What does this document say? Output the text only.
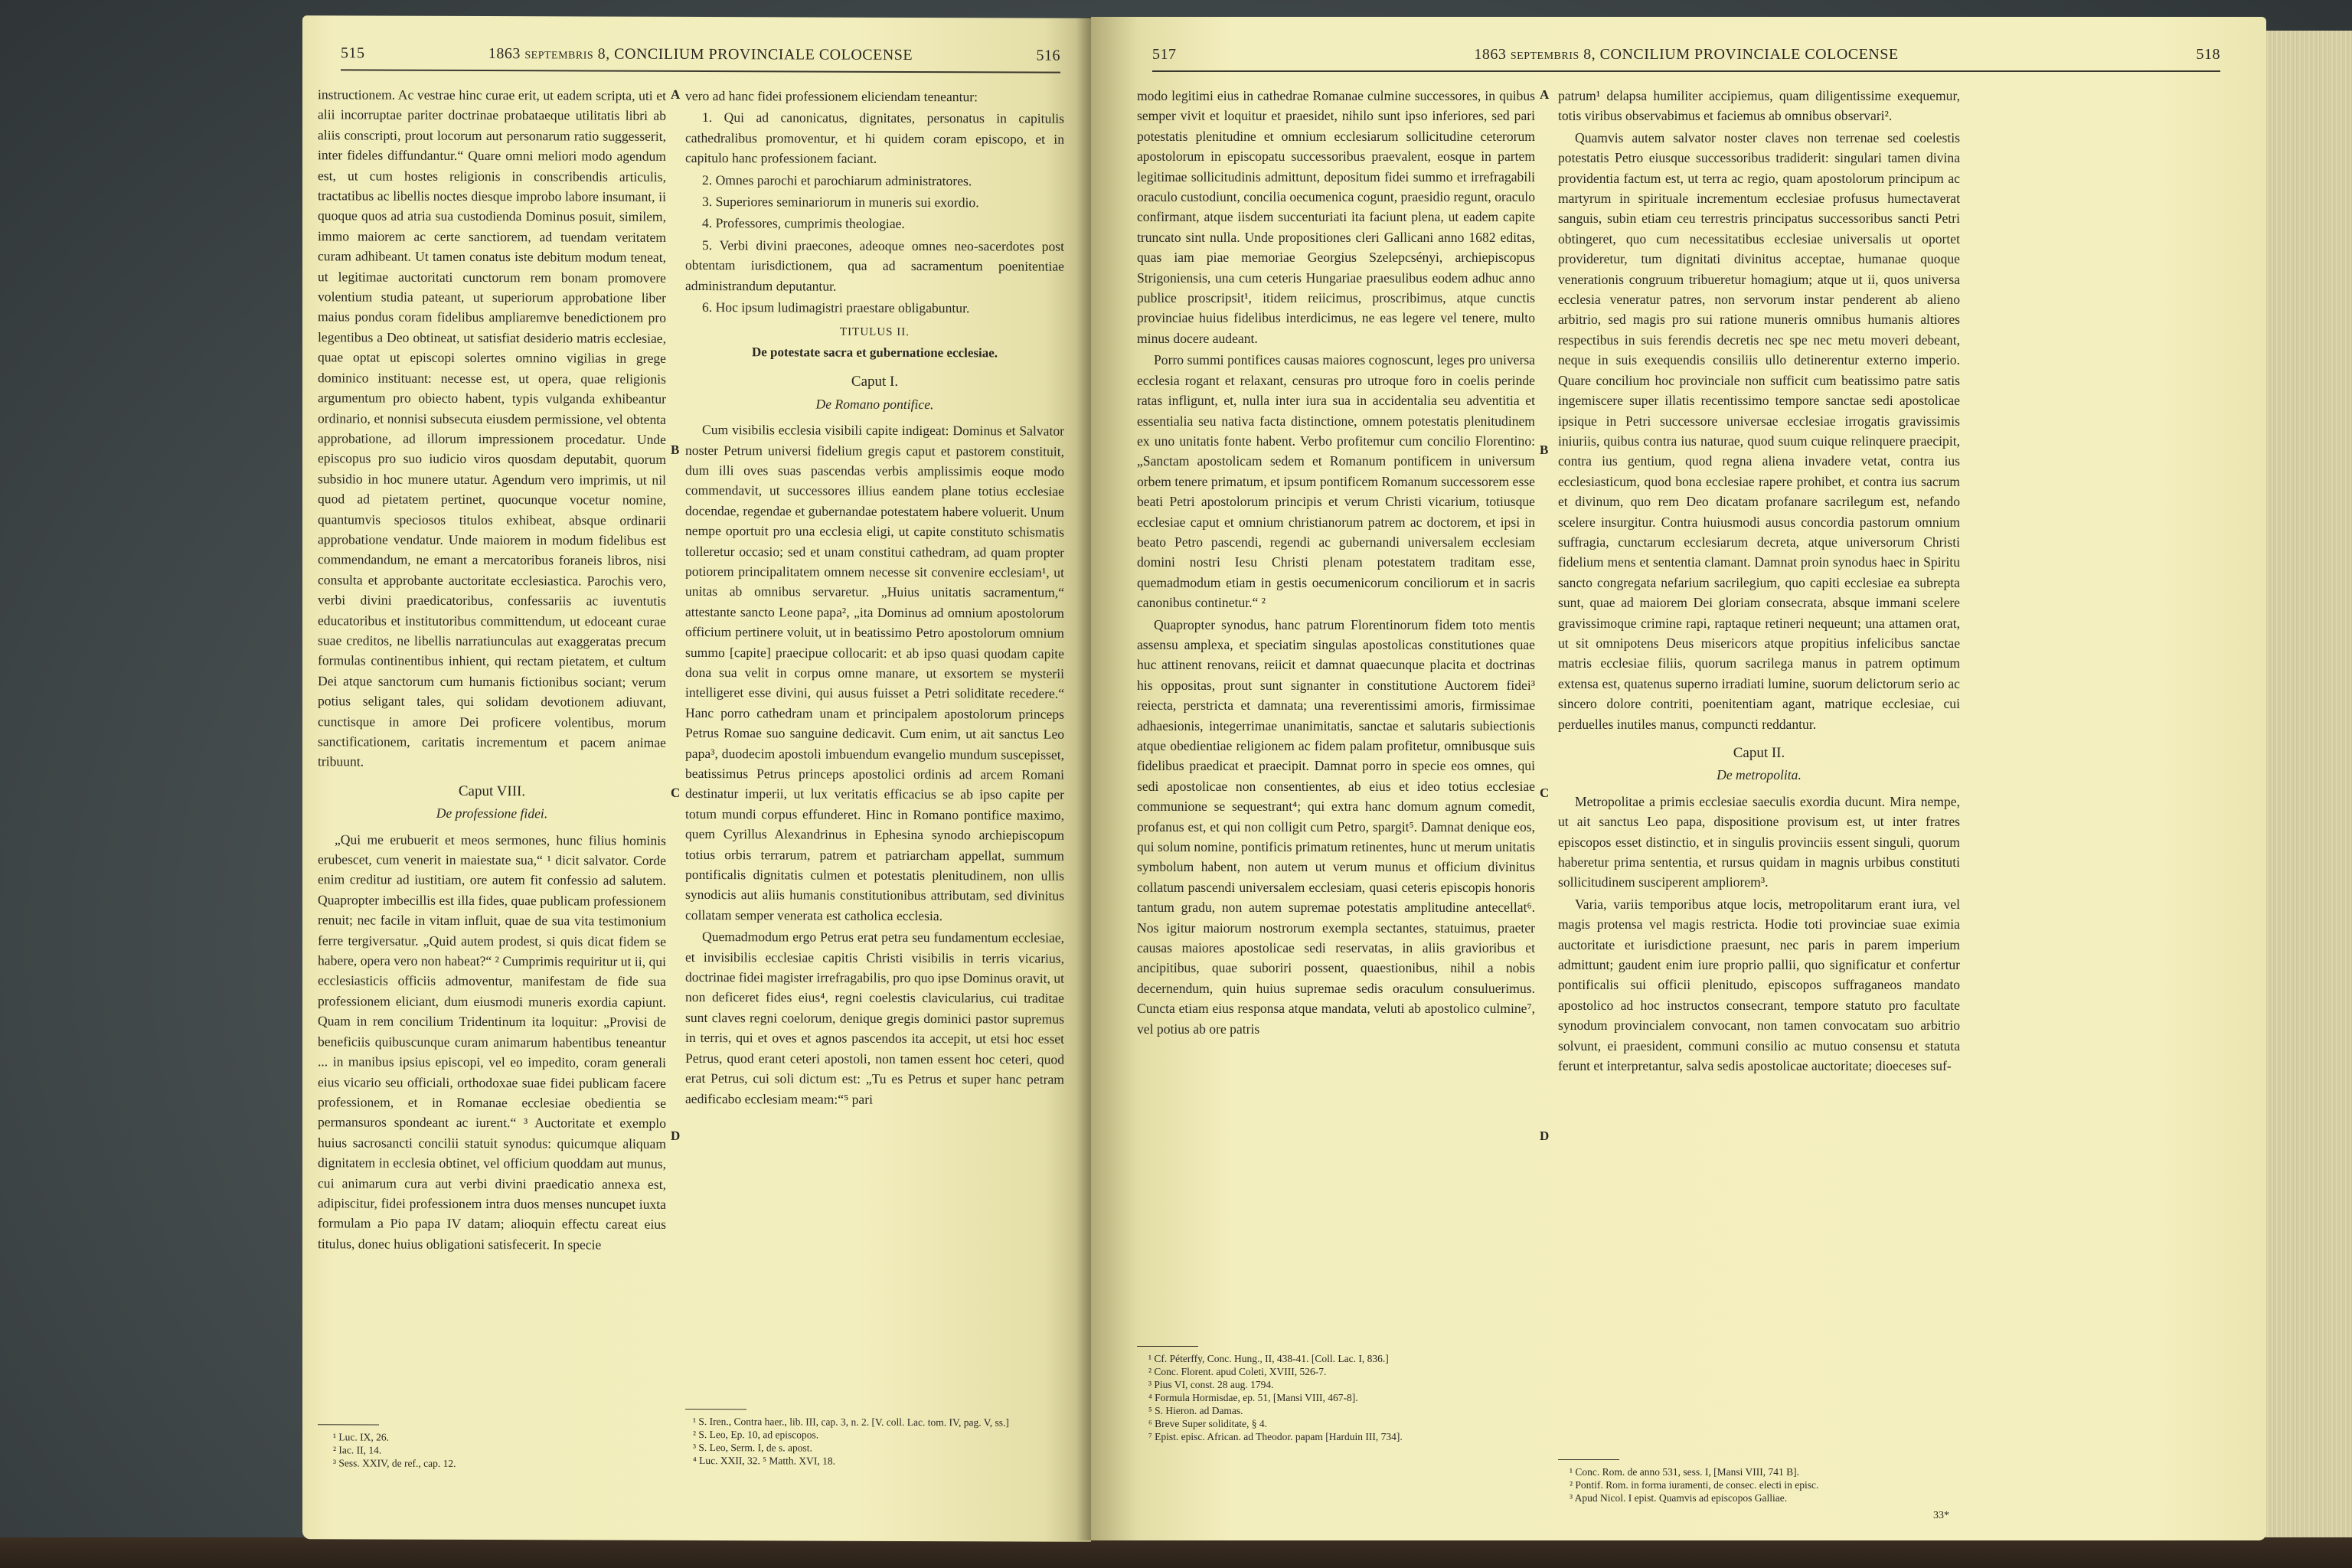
515	1863 septembris 8, CONCILIUM PROVINCIALE COLOCENSE	516

instructionem. Ac vestrae hinc curae erit, ut eadem scripta, uti et alii incorruptae pariter doctrinae probataeque utilitatis libri ab aliis conscripti, prout locorum aut personarum ratio suggesserit, inter fideles diffundantur.“ Quare omni meliori modo agendum est, ut cum hostes religionis in conscribendis articulis, tractatibus ac libellis noctes diesque improbo labore insumant, ii quoque quos ad atria sua custodienda Dominus posuit, similem, immo maiorem ac certe sanctiorem, ad tuendam veritatem curam adhibeant. Ut tamen conatus iste debitum modum teneat, ut legitimae auctoritati cunctorum rem bonam promovere volentium studia pateant, ut superiorum approbatione liber maius pondus coram fidelibus ampliaremve benedictionem pro legentibus a Deo obtineat, ut satisfiat desiderio matris ecclesiae, quae optat ut episcopi solertes omnino vigilias in grege dominico instituant: necesse est, ut opera, quae religionis argumentum pro obiecto habent, typis vulganda exhibeantur ordinario, et nonnisi subsecuta eiusdem permissione, vel obtenta approbatione, ad illorum impressionem procedatur. Unde episcopus pro suo iudicio viros quosdam deputabit, quorum subsidio in hoc munere utatur. Agendum vero imprimis, ut nil quod ad pietatem pertinet, quocunque vocetur nomine, quantumvis speciosos titulos exhibeat, absque ordinarii approbatione vendatur. Unde maiorem in modum fidelibus est commendandum, ne emant a mercatoribus foraneis libros, nisi consulta et approbante auctoritate ecclesiastica. Parochis vero, verbi divini praedicatoribus, confessariis ac iuventutis educatoribus et institutoribus committendum, ut edoceant curae suae creditos, ne libellis narratiunculas aut exaggeratas precum formulas continentibus inhient, qui rectam pietatem, et cultum Dei atque sanctorum cum humanis fictionibus sociant; verum potius seligant tales, qui solidam devotionem adiuvant, cunctisque in amore Dei proficere volentibus, morum sanctificationem, caritatis incrementum et pacem animae tribuunt.

Caput VIII.

De professione fidei.

„Qui me erubuerit et meos sermones, hunc filius hominis erubescet, cum venerit in maiestate sua,“ ¹ dicit salvator. Corde enim creditur ad iustitiam, ore autem fit confessio ad salutem. Quapropter imbecillis est illa fides, quae publicam professionem renuit; nec facile in vitam influit, quae de sua vita testimonium ferre tergiversatur. „Quid autem prodest, si quis dicat fidem se habere, opera vero non habeat?“ ² Cumprimis requiritur ut ii, qui ecclesiasticis officiis admoventur, manifestam de fide sua professionem eliciant, dum eiusmodi muneris exordia capiunt. Quam in rem concilium Tridentinum ita loquitur: „Provisi de beneficiis quibuscunque curam animarum habentibus teneantur ... in manibus ipsius episcopi, vel eo impedito, coram generali eius vicario seu officiali, orthodoxae suae fidei publicam facere professionem, et in Romanae ecclesiae obedientia se permansuros spondeant ac iurent.“ ³ Auctoritate et exemplo huius sacrosancti concilii statuit synodus: quicumque aliquam dignitatem in ecclesia obtinet, vel officium quoddam aut munus, cui animarum cura aut verbi divini praedicatio annexa est, adipiscitur, fidei professionem intra duos menses nuncupet iuxta formulam a Pio papa IV datam; alioquin effectu careat eius titulus, donec huius obligationi satisfecerit. In specie

¹ Luc. IX, 26.
² Iac. II, 14.
³ Sess. XXIV, de ref., cap. 12.
A
B
C
D

vero ad hanc fidei professionem eliciendam teneantur:

1. Qui ad canonicatus, dignitates, personatus in capitulis cathedralibus promoventur, et hi quidem coram episcopo, et in capitulo hanc professionem faciant.

2. Omnes parochi et parochiarum administratores.

3. Superiores seminariorum in muneris sui exordio.

4. Professores, cumprimis theologiae.

5. Verbi divini praecones, adeoque omnes neo-sacerdotes post obtentam iurisdictionem, qua ad sacramentum poenitentiae administrandum deputantur.

6. Hoc ipsum ludimagistri praestare obligabuntur.

TITULUS II.

De potestate sacra et gubernatione ecclesiae.

Caput I.

De Romano pontifice.

Cum visibilis ecclesia visibili capite indigeat: Dominus et Salvator noster Petrum universi fidelium gregis caput et pastorem constituit, dum illi oves suas pascendas verbis amplissimis eoque modo commendavit, ut successores illius eandem plane totius ecclesiae docendae, regendae et gubernandae potestatem habere voluerit. Unum nempe oportuit pro una ecclesia eligi, ut capite constituto schismatis tolleretur occasio; sed et unam constitui cathedram, ad quam propter potiorem principalitatem omnem necesse sit convenire ecclesiam¹, ut unitas ab omnibus servaretur. „Huius unitatis sacramentum,“ attestante sancto Leone papa², „ita Dominus ad omnium apostolorum officium pertinere voluit, ut in beatissimo Petro apostolorum omnium summo [capite] praecipue collocarit: et ab ipso quasi quodam capite dona sua velit in corpus omne manare, ut exsortem se mysterii intelligeret esse divini, qui ausus fuisset a Petri soliditate recedere.“ Hanc porro cathedram unam et principalem apostolorum princeps Petrus Romae suo sanguine dedicavit. Cum enim, ut ait sanctus Leo papa³, duodecim apostoli imbuendum evangelio mundum suscepisset, beatissimus Petrus princeps apostolici ordinis ad arcem Romani destinatur imperii, ut lux veritatis efficacius se ab ipso capite per totum mundi corpus effunderet. Hinc in Romano pontifice maximo, quem Cyrillus Alexandrinus in Ephesina synodo archiepiscopum totius orbis terrarum, patrem et patriarcham appellat, summum pontificalis dignitatis culmen et potestatis plenitudinem, non ullis synodicis aut aliis humanis constitutionibus attributam, sed divinitus collatam semper venerata est catholica ecclesia.

Quemadmodum ergo Petrus erat petra seu fundamentum ecclesiae, et invisibilis ecclesiae capitis Christi visibilis in terris vicarius, doctrinae fidei magister irrefragabilis, pro quo ipse Dominus oravit, ut non deficeret fides eius⁴, regni coelestis clavicularius, cui traditae sunt claves regni coelorum, denique gregis dominici pastor supremus in terris, qui et oves et agnos pascendos ita accepit, ut etsi hoc esset Petrus, quod erant ceteri apostoli, non tamen essent hoc ceteri, quod erat Petrus, cui soli dictum est: „Tu es Petrus et super hanc petram aedificabo ecclesiam meam:“⁵ pari

¹ S. Iren., Contra haer., lib. III, cap. 3, n. 2. [V. coll. Lac. tom. IV, pag. V, ss.]
² S. Leo, Ep. 10, ad episcopos.
³ S. Leo, Serm. I, de s. apost.
⁴ Luc. XXII, 32. ⁵ Matth. XVI, 18.
517	1863 septembris 8, CONCILIUM PROVINCIALE COLOCENSE	518

modo legitimi eius in cathedrae Romanae culmine successores, in quibus semper vivit et loquitur et praesidet, nihilo sunt ipso inferiores, sed pari potestatis plenitudine et omnium ecclesiarum sollicitudine ceterorum apostolorum in episcopatu successoribus praevalent, eosque in partem legitimae sollicitudinis admittunt, depositum fidei summo et irrefragabili oraculo custodiunt, concilia oecumenica cogunt, praesidio regunt, oraculo confirmant, atque iisdem succenturiati ita faciunt plena, ut eadem capite truncato sint nulla. Unde propositiones cleri Gallicani anno 1682 editas, quas iam piae memoriae Georgius Szelepcsényi, archiepiscopus Strigoniensis, una cum ceteris Hungariae praesulibus eodem adhuc anno publice proscripsit¹, itidem reiicimus, proscribimus, atque cunctis provinciae huius fidelibus interdicimus, ne eas legere vel tenere, multo minus docere audeant.

Porro summi pontifices causas maiores cognoscunt, leges pro universa ecclesia rogant et relaxant, censuras pro utroque foro in coelis perinde ratas infligunt, et, nulla inter iura sua in accidentalia seu adventitia et essentialia seu nativa facta distinctione, omnem potestatis plenitudinem ex uno unitatis fonte habent. Verbo profitemur cum concilio Florentino: „Sanctam apostolicam sedem et Romanum pontificem in universum orbem tenere primatum, et ipsum pontificem Romanum successorem esse beati Petri apostolorum principis et verum Christi vicarium, totiusque ecclesiae caput et omnium christianorum patrem ac doctorem, et ipsi in beato Petro pascendi, regendi ac gubernandi universalem ecclesiam domini nostri Iesu Christi plenam potestatem traditam esse, quemadmodum etiam in gestis oecumenicorum conciliorum et in sacris canonibus continetur.“ ²

Quapropter synodus, hanc patrum Florentinorum fidem toto mentis assensu amplexa, et speciatim singulas apostolicas constitutiones quae huc attinent renovans, reiicit et damnat quaecunque placita et doctrinas his oppositas, prout sunt signanter in constitutione Auctorem fidei³ reiecta, perstricta et damnata; una reverentissimi amoris, firmissimae adhaesionis, integerrimae unanimitatis, sanctae et salutaris subiectionis atque obedientiae religionem ac fidem palam profitetur, omnibusque suis fidelibus praedicat et praecipit. Damnat porro in specie eos omnes, qui sedi apostolicae non consentientes, ab eius et ideo totius ecclesiae communione se sequestrant⁴; qui extra hanc domum agnum comedit, profanus est, et qui non colligit cum Petro, spargit⁵. Damnat denique eos, qui solum nomine, pontificis primatum retinentes, hunc ut merum unitatis symbolum habent, non autem ut verum munus et officium divinitus collatum pascendi universalem ecclesiam, quasi ceteris episcopis honoris tantum gradu, non autem supremae potestatis amplitudine antecellat⁶. Nos igitur maiorum nostrorum exempla sectantes, statuimus, praeter causas maiores apostolicae sedi reservatas, in aliis gravioribus et ancipitibus, quae suboriri possent, quaestionibus, nihil a nobis decernendum, quin huius supremae sedis oraculum consuluerimus. Cuncta etiam eius responsa atque mandata, veluti ab apostolico culmine⁷, vel potius ab ore patris

¹ Cf. Péterffy, Conc. Hung., II, 438-41. [Coll. Lac. I, 836.]
² Conc. Florent. apud Coleti, XVIII, 526-7.
³ Pius VI, const. 28 aug. 1794.
⁴ Formula Hormisdae, ep. 51, [Mansi VIII, 467-8].
⁵ S. Hieron. ad Damas.
⁶ Breve Super soliditate, § 4.
⁷ Epist. episc. African. ad Theodor. papam [Harduin III, 734].
A
B
C
D

patrum¹ delapsa humiliter accipiemus, quam diligentissime exequemur, totis viribus observabimus et faciemus ab omnibus observari².

Quamvis autem salvator noster claves non terrenae sed coelestis potestatis Petro eiusque successoribus tradiderit: singulari tamen divina providentia factum est, ut terra ac regio, quam apostolorum principum ac martyrum in spirituale incrementum ecclesiae profusus humectaverat sanguis, subin etiam ceu terrestris principatus successoribus sancti Petri obtingeret, quo cum necessitatibus ecclesiae universalis ut oportet provideretur, tum dignitati divinitus acceptae, humanae quoque venerationis congruum tribueretur homagium; atque ut ii, quos universa ecclesia veneratur patres, non servorum instar penderent ab alieno arbitrio, sed magis pro sui ratione muneris omnibus humanis altiores respectibus in suis ferendis decretis nec spe nec metu moveri debeant, neque in suis exequendis consiliis ullo detinerentur externo imperio. Quare concilium hoc provinciale non sufficit cum beatissimo patre satis ingemiscere super illatis recentissimo tempore sanctae sedi apostolicae ipsique in Petri successore universae ecclesiae irrogatis gravissimis iniuriis, quibus contra ius naturae, quod suum cuique relinquere praecipit, contra ius gentium, quod regna aliena invadere vetat, contra ius ecclesiasticum, quod bona ecclesiae rapere prohibet, et contra ius sacrum et divinum, quo rem Deo dicatam profanare sacrilegum est, nefando scelere insurgitur. Contra huiusmodi ausus concordia pastorum omnium suffragia, cunctarum ecclesiarum decreta, atque universorum Christi fidelium mens et sententia clamant. Damnat proin synodus haec in Spiritu sancto congregata nefarium sacrilegium, quo capiti ecclesiae ea subrepta sunt, quae ad maiorem Dei gloriam consecrata, absque immani scelere gravissimoque crimine rapi, raptaque retineri nequeunt; una attamen orat, ut sit omnipotens Deus misericors atque propitius infelicibus sanctae matris ecclesiae filiis, quorum sacrilega manus in patrem optimum extensa est, quatenus superno irradiati lumine, suorum delictorum serio ac sincero dolore contriti, poenitentiam agant, matrique ecclesiae, cui perduelles inutiles manus, compuncti reddantur.

Caput II.

De metropolita.

Metropolitae a primis ecclesiae saeculis exordia ducunt. Mira nempe, ut ait sanctus Leo papa, dispositione provisum est, ut inter fratres episcopos esset distinctio, et in singulis provinciis essent singuli, quorum haberetur prima sententia, et rursus quidam in magnis urbibus constituti sollicitudinem susciperent ampliorem³.

Varia, variis temporibus atque locis, metropolitarum erant iura, vel magis protensa vel magis restricta. Hodie toti provinciae suae eximia auctoritate et iurisdictione praesunt, nec paris in parem imperium admittunt; gaudent enim iure proprio pallii, quo significatur et confertur pontificalis sui officii plenitudo, episcopos suffraganeos mandato apostolico ad hoc instructos consecrant, tempore statuto pro facultate synodum provincialem convocant, non tamen convocatam suo arbitrio solvunt, ei praesident, communi consilio ac mutuo consensu et statuta ferunt et interpretantur, salva sedis apostolicae auctoritate; dioeceses suf-

¹ Conc. Rom. de anno 531, sess. I, [Mansi VIII, 741 B].
² Pontif. Rom. in forma iuramenti, de consec. electi in episc.
³ Apud Nicol. I epist. Quamvis ad episcopos Galliae.
33*
